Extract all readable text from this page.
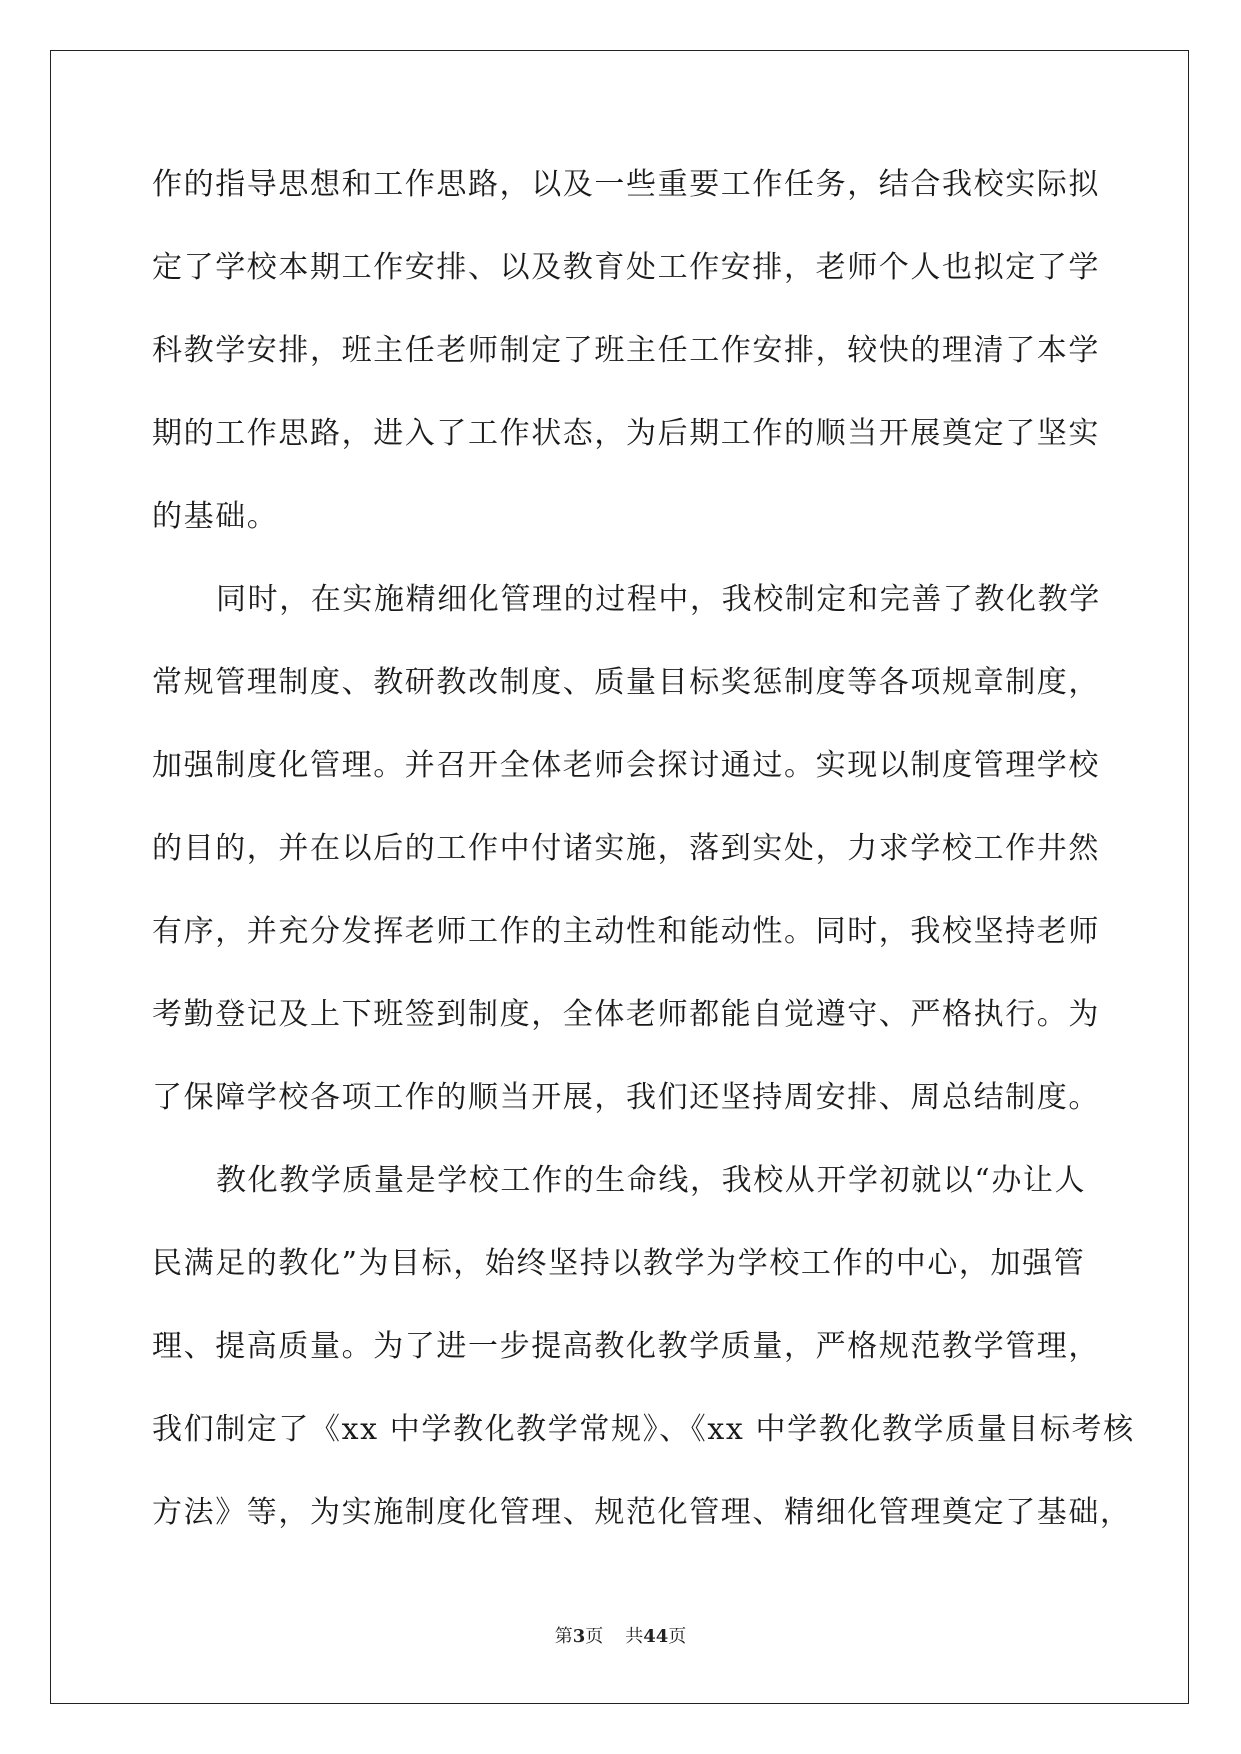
作的指导思想和工作思路，以及一些重要工作任务，结合我校实际拟
定了学校本期工作安排、以及教育处工作安排，老师个人也拟定了学
科教学安排，班主任老师制定了班主任工作安排，较快的理清了本学
期的工作思路，进入了工作状态，为后期工作的顺当开展奠定了坚实
的基础。
同时，在实施精细化管理的过程中，我校制定和完善了教化教学
常规管理制度、教研教改制度、质量目标奖惩制度等各项规章制度，
加强制度化管理。并召开全体老师会探讨通过。实现以制度管理学校
的目的，并在以后的工作中付诸实施，落到实处，力求学校工作井然
有序，并充分发挥老师工作的主动性和能动性。同时，我校坚持老师
考勤登记及上下班签到制度，全体老师都能自觉遵守、严格执行。为
了保障学校各项工作的顺当开展，我们还坚持周安排、周总结制度。
教化教学质量是学校工作的生命线，我校从开学初就以“办让人
民满足的教化”为目标，始终坚持以教学为学校工作的中心，加强管
理、提高质量。为了进一步提高教化教学质量，严格规范教学管理，
我们制定了《xx 中学教化教学常规》、《xx 中学教化教学质量目标考核
方法》等，为实施制度化管理、规范化管理、精细化管理奠定了基础，
第3页 共44页
